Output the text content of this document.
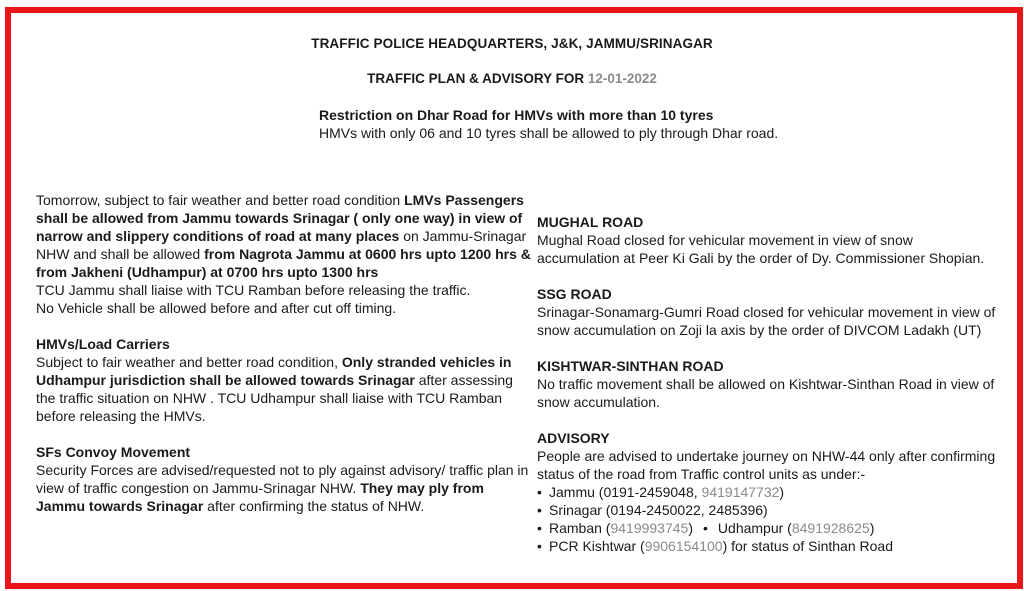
TRAFFIC POLICE HEADQUARTERS, J&K, JAMMU/SRINAGAR
TRAFFIC PLAN & ADVISORY FOR 12-01-2022
Restriction on Dhar Road for HMVs with more than 10 tyres
HMVs with only 06 and 10 tyres shall be allowed to ply through Dhar road.
Tomorrow, subject to fair weather and better road condition LMVs Passengers shall be allowed from Jammu towards Srinagar ( only one way) in view of narrow and slippery conditions of road at many places on Jammu-Srinagar NHW and shall be allowed from Nagrota Jammu at 0600 hrs upto 1200 hrs & from Jakheni (Udhampur) at 0700 hrs upto 1300 hrs
TCU Jammu shall liaise with TCU Ramban before releasing the traffic.
No Vehicle shall be allowed before and after cut off timing.
HMVs/Load Carriers
Subject to fair weather and better road condition, Only stranded vehicles in Udhampur jurisdiction shall be allowed towards Srinagar after assessing the traffic situation on NHW . TCU Udhampur shall liaise with TCU Ramban before releasing the HMVs.
SFs Convoy Movement
Security Forces are advised/requested not to ply against advisory/ traffic plan in view of traffic congestion on Jammu-Srinagar NHW. They may ply from Jammu towards Srinagar after confirming the status of NHW.
MUGHAL ROAD
Mughal Road closed for vehicular movement in view of snow accumulation at Peer Ki Gali by the order of Dy. Commissioner Shopian.
SSG ROAD
Srinagar-Sonamarg-Gumri Road closed for vehicular movement in view of snow accumulation on Zoji la axis by the order of DIVCOM Ladakh (UT)
KISHTWAR-SINTHAN ROAD
No traffic movement shall be allowed on Kishtwar-Sinthan Road in view of snow accumulation.
ADVISORY
People are advised to undertake journey on NHW-44 only after confirming status of the road from Traffic control units as under:-
• Jammu (0191-2459048, 9419147732)
• Srinagar (0194-2450022, 2485396)
• Ramban (9419993745) • Udhampur (8491928625)
• PCR Kishtwar (9906154100) for status of Sinthan Road
